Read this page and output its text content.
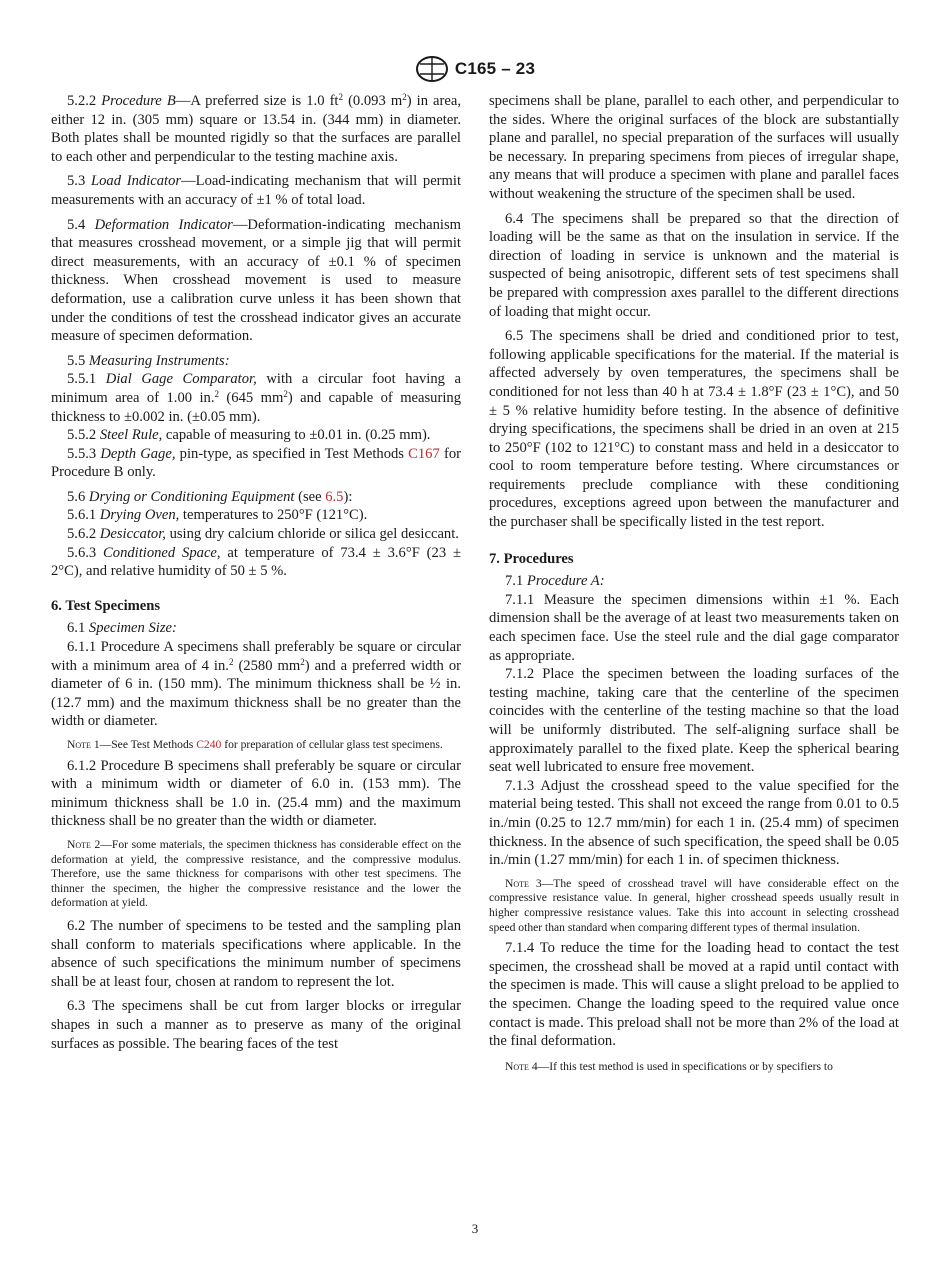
C165 – 23

5.2.2 Procedure B—A preferred size is 1.0 $ft^2$ (0.093 $m^2$) in area, either 12 in. (305 mm) square or 13.54 in. (344 mm) in diameter. Both plates shall be mounted rigidly so that the surfaces are parallel to each other and perpendicular to the testing machine axis.

5.3 Load Indicator—Load-indicating mechanism that will permit measurements with an accuracy of ±1 % of total load.

5.4 Deformation Indicator—Deformation-indicating mechanism that measures crosshead movement, or a simple jig that will permit direct measurements, with an accuracy of ±0.1 % of specimen thickness. When crosshead movement is used to measure deformation, use a calibration curve unless it has been shown that under the conditions of test the crosshead indicator gives an accurate measure of specimen deformation.

5.5 Measuring Instruments:

5.5.1 Dial Gage Comparator, with a circular foot having a minimum area of 1.00 in.$^2$ (645 $mm^2$) and capable of measuring thickness to ±0.002 in. (±0.05 mm).

5.5.2 Steel Rule, capable of measuring to ±0.01 in. (0.25 mm).

5.5.3 Depth Gage, pin-type, as specified in Test Methods C167 for Procedure B only.

5.6 Drying or Conditioning Equipment (see 6.5):

5.6.1 Drying Oven, temperatures to 250°F (121°C).

5.6.2 Desiccator, using dry calcium chloride or silica gel desiccant.

5.6.3 Conditioned Space, at temperature of 73.4 ± 3.6°F (23 ± 2°C), and relative humidity of 50 ± 5 %.

6. Test Specimens

6.1 Specimen Size:

6.1.1 Procedure A specimens shall preferably be square or circular with a minimum area of 4 in.$^2$ (2580 $mm^2$) and a preferred width or diameter of 6 in. (150 mm). The minimum thickness shall be ½ in. (12.7 mm) and the maximum thickness shall be no greater than the width or diameter.

Note 1—See Test Methods C240 for preparation of cellular glass test specimens.

6.1.2 Procedure B specimens shall preferably be square or circular with a minimum width or diameter of 6.0 in. (153 mm). The minimum thickness shall be 1.0 in. (25.4 mm) and the maximum thickness shall be no greater than the width or diameter.

Note 2—For some materials, the specimen thickness has considerable effect on the deformation at yield, the compressive resistance, and the compressive modulus. Therefore, use the same thickness for comparisons with other test specimens. The thinner the specimen, the higher the compressive resistance and the lower the deformation at yield.

6.2 The number of specimens to be tested and the sampling plan shall conform to materials specifications where applicable. In the absence of such specifications the minimum number of specimens shall be at least four, chosen at random to represent the lot.

6.3 The specimens shall be cut from larger blocks or irregular shapes in such a manner as to preserve as many of the original surfaces as possible. The bearing faces of the test

specimens shall be plane, parallel to each other, and perpendicular to the sides. Where the original surfaces of the block are substantially plane and parallel, no special preparation of the surfaces will usually be necessary. In preparing specimens from pieces of irregular shape, any means that will produce a specimen with plane and parallel faces without weakening the structure of the specimen shall be used.

6.4 The specimens shall be prepared so that the direction of loading will be the same as that on the insulation in service. If the direction of loading in service is unknown and the material is suspected of being anisotropic, different sets of test specimens shall be prepared with compression axes parallel to the different directions of loading that might occur.

6.5 The specimens shall be dried and conditioned prior to test, following applicable specifications for the material. If the material is affected adversely by oven temperatures, the specimens shall be conditioned for not less than 40 h at 73.4 ± 1.8°F (23 ± 1°C), and 50 ± 5 % relative humidity before testing. In the absence of definitive drying specifications, the specimens shall be dried in an oven at 215 to 250°F (102 to 121°C) to constant mass and held in a desiccator to cool to room temperature before testing. Where circumstances or requirements preclude compliance with these conditioning procedures, exceptions agreed upon between the manufacturer and the purchaser shall be specifically listed in the test report.

7. Procedures

7.1 Procedure A:

7.1.1 Measure the specimen dimensions within ±1 %. Each dimension shall be the average of at least two measurements taken on each specimen face. Use the steel rule and the dial gage comparator as appropriate.

7.1.2 Place the specimen between the loading surfaces of the testing machine, taking care that the centerline of the specimen coincides with the centerline of the testing machine so that the load will be uniformly distributed. The self-aligning surface shall be approximately parallel to the fixed plate. Keep the spherical bearing seat well lubricated to ensure free movement.

7.1.3 Adjust the crosshead speed to the value specified for the material being tested. This shall not exceed the range from 0.01 to 0.5 in./min (0.25 to 12.7 mm/min) for each 1 in. (25.4 mm) of specimen thickness. In the absence of such specification, the speed shall be 0.05 in./min (1.27 mm/min) for each 1 in. of specimen thickness.

Note 3—The speed of crosshead travel will have considerable effect on the compressive resistance value. In general, higher crosshead speeds usually result in higher compressive resistance values. Take this into account in selecting crosshead speed other than standard when comparing different types of thermal insulation.

7.1.4 To reduce the time for the loading head to contact the test specimen, the crosshead shall be moved at a rapid until contact with the specimen is made. This will cause a slight preload to be applied to the specimen. Change the loading speed to the required value once contact is made. This preload shall not be more than 2% of the load at the final deformation.

Note 4—If this test method is used in specifications or by specifiers to

3
